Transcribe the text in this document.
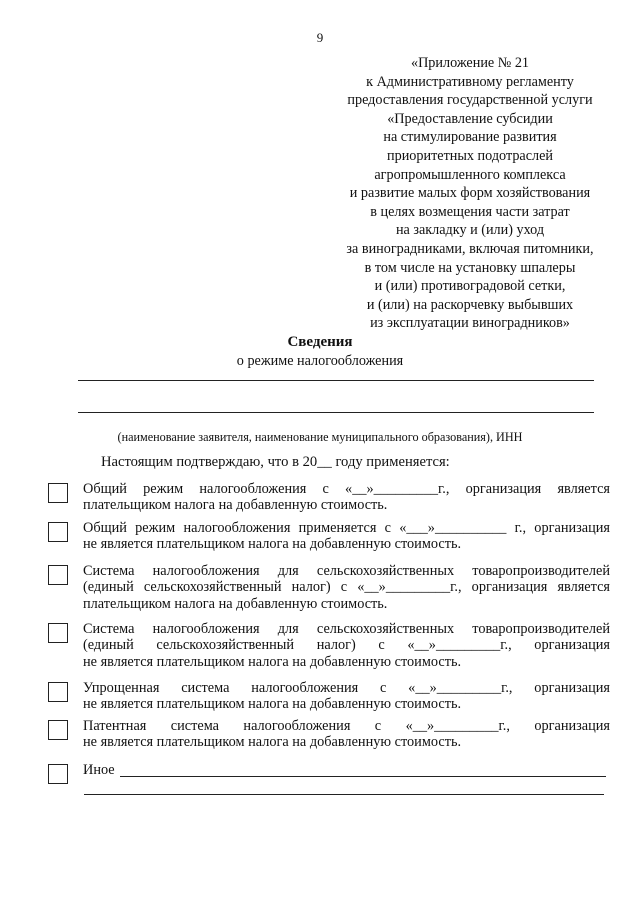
9
«Приложение № 21
к Административному регламенту
предоставления государственной услуги
«Предоставление субсидии
на стимулирование развития
приоритетных подотраслей
агропромышленного комплекса
и развитие малых форм хозяйствования
в целях возмещения части затрат
на закладку и (или) уход
за виноградниками, включая питомники,
в том числе на установку шпалеры
и (или) противоградовой сетки,
и (или) на раскорчевку выбывших
из эксплуатации виноградников»
Сведения
о режиме налогообложения
(наименование заявителя, наименование муниципального образования), ИНН
Настоящим подтверждаю, что в 20__ году применяется:
Общий режим налогообложения с «__»_________г., организация является
плательщиком налога на добавленную стоимость.
Общий режим налогообложения применяется с «___»__________ г., организация
не является плательщиком налога на добавленную стоимость.
Система налогообложения для сельскохозяйственных товаропроизводителей
(единый сельскохозяйственный налог) с «__»_________г., организация является
плательщиком налога на добавленную стоимость.
Система налогообложения для сельскохозяйственных товаропроизводителей
(единый сельскохозяйственный налог) с «__»_________г., организация
не является плательщиком налога на добавленную стоимость.
Упрощенная система налогообложения с «__»_________г., организация
не является плательщиком налога на добавленную стоимость.
Патентная система налогообложения с «__»_________г., организация
не является плательщиком налога на добавленную стоимость.
Иное
